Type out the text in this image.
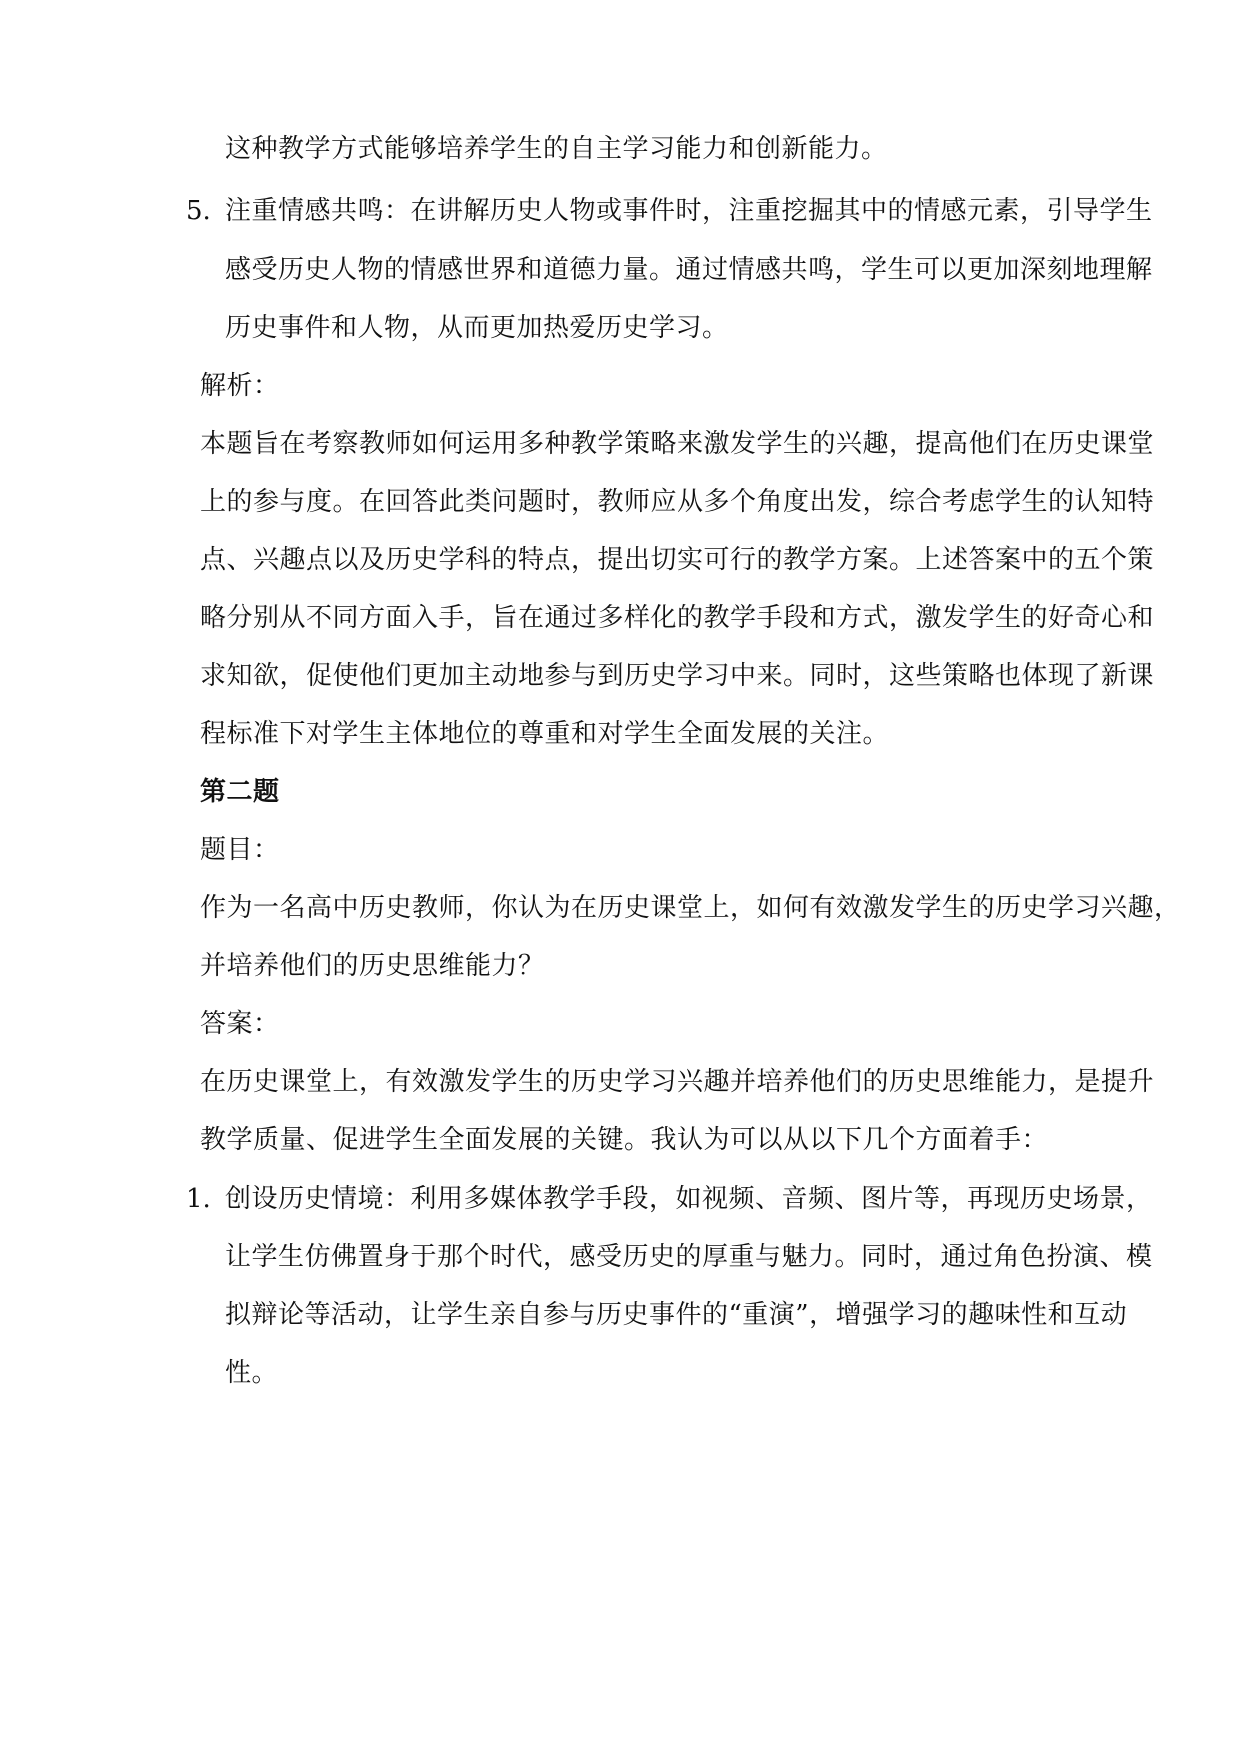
这种教学方式能够培养学生的自主学习能力和创新能力。
5. 注重情感共鸣：在讲解历史人物或事件时，注重挖掘其中的情感元素，引导学生
感受历史人物的情感世界和道德力量。通过情感共鸣，学生可以更加深刻地理解
历史事件和人物，从而更加热爱历史学习。
解析：
本题旨在考察教师如何运用多种教学策略来激发学生的兴趣，提高他们在历史课堂
上的参与度。在回答此类问题时，教师应从多个角度出发，综合考虑学生的认知特
点、兴趣点以及历史学科的特点，提出切实可行的教学方案。上述答案中的五个策
略分别从不同方面入手，旨在通过多样化的教学手段和方式，激发学生的好奇心和
求知欲，促使他们更加主动地参与到历史学习中来。同时，这些策略也体现了新课
程标准下对学生主体地位的尊重和对学生全面发展的关注。
第二题
题目：
作为一名高中历史教师，你认为在历史课堂上，如何有效激发学生的历史学习兴趣，
并培养他们的历史思维能力？
答案：
在历史课堂上，有效激发学生的历史学习兴趣并培养他们的历史思维能力，是提升
教学质量、促进学生全面发展的关键。我认为可以从以下几个方面着手：
1. 创设历史情境：利用多媒体教学手段，如视频、音频、图片等，再现历史场景，
让学生仿佛置身于那个时代，感受历史的厚重与魅力。同时，通过角色扮演、模
拟辩论等活动，让学生亲自参与历史事件的“重演”，增强学习的趣味性和互动
性。
